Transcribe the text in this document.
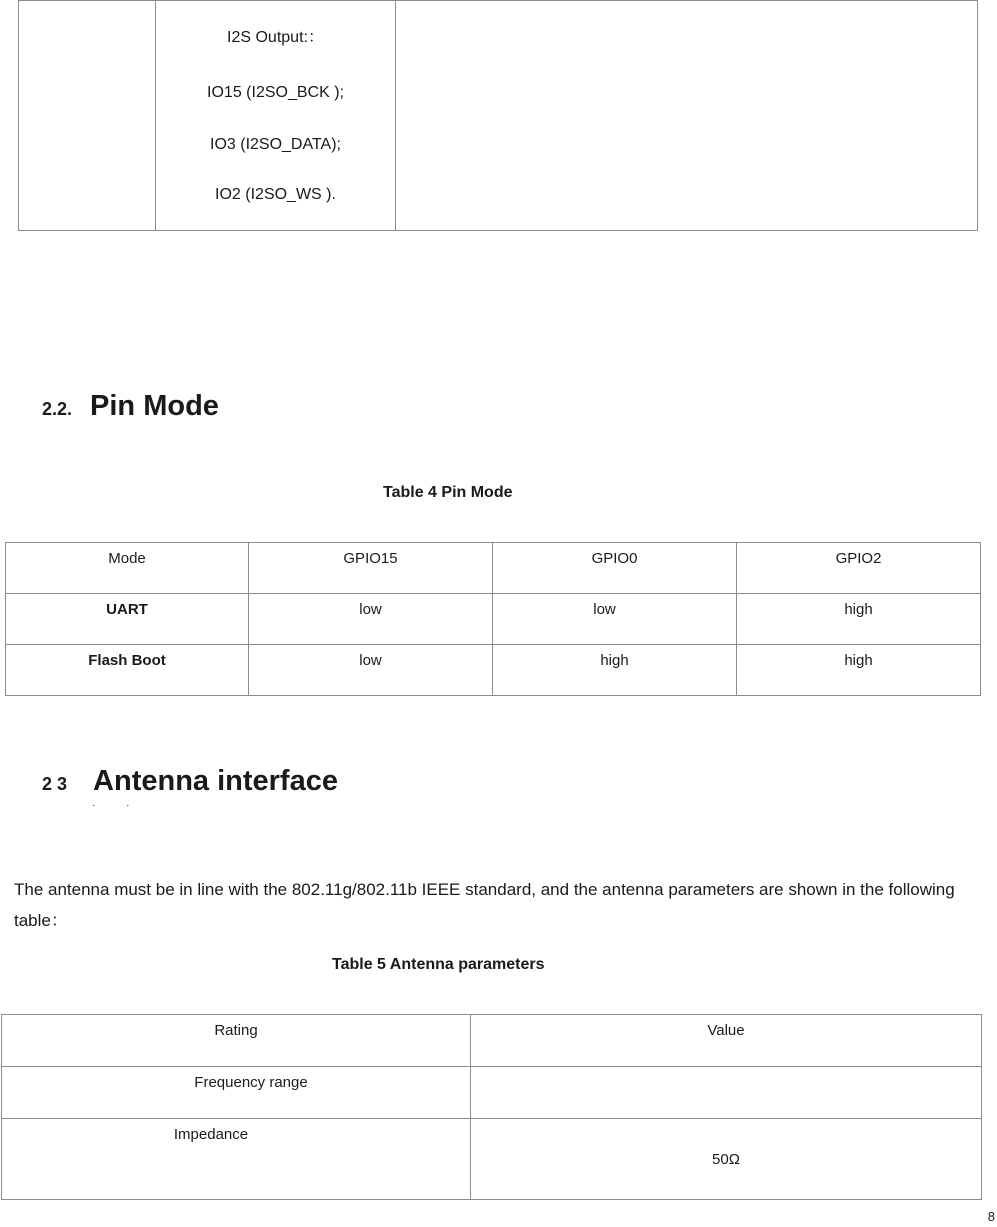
I2S Output:：
IO15 (I2SO_BCK );
IO3 (I2SO_DATA);
IO2 (I2SO_WS ).

2.2. Pin Mode
Table 4 Pin Mode
Mode	GPIO15	GPIO0	GPIO2
UART	low	low	high
Flash Boot	low	high	high
2 3 Antenna interface
· ·
The antenna must be in line with the 802.11g/802.11b IEEE standard, and the antenna parameters are shown in the following table：
Table 5 Antenna parameters
Rating	Value
Frequency range	
Impedance	50Ω
8
